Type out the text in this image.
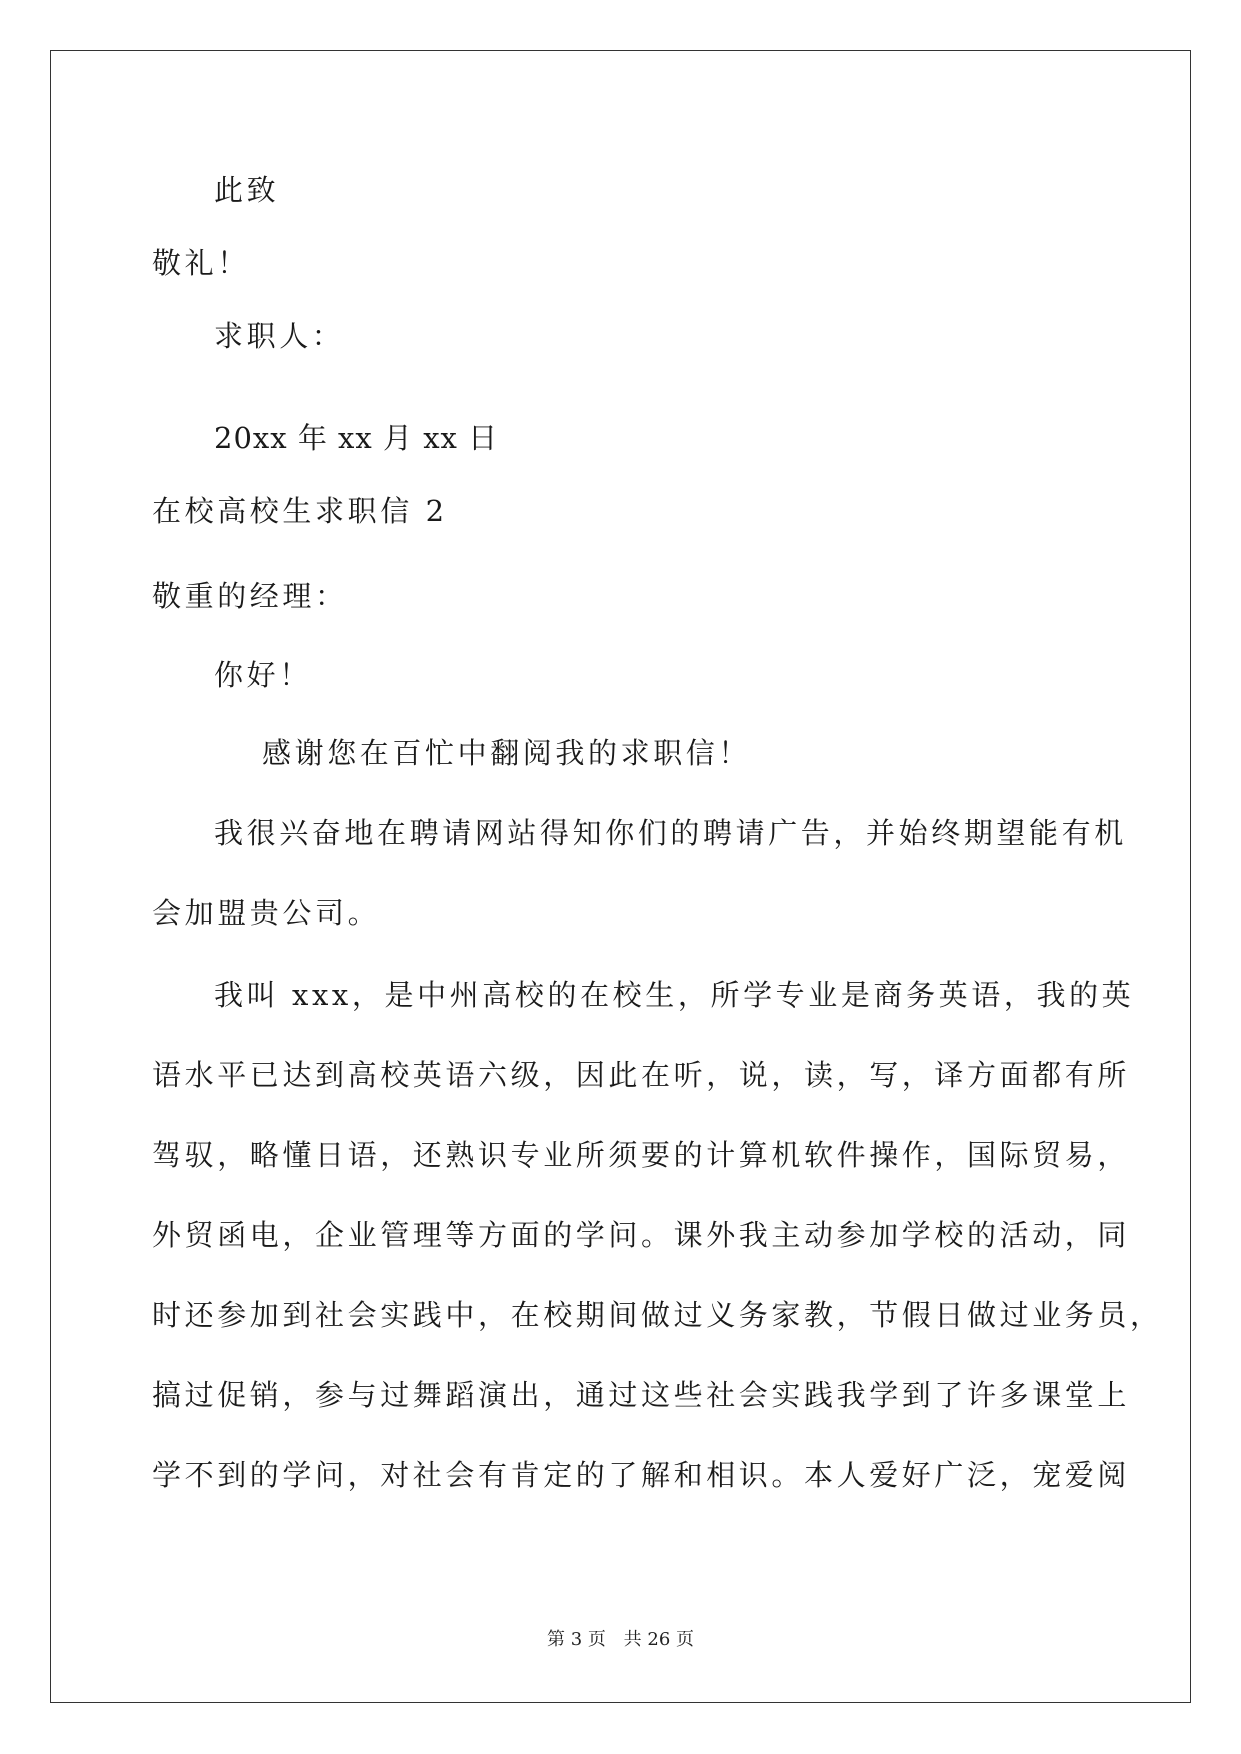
此致
敬礼！
求职人：
20xx 年 xx 月 xx 日
在校高校生求职信 2
敬重的经理：
你好！
感谢您在百忙中翻阅我的求职信！
我很兴奋地在聘请网站得知你们的聘请广告，并始终期望能有机
会加盟贵公司。
我叫 xxx，是中州高校的在校生，所学专业是商务英语，我的英
语水平已达到高校英语六级，因此在听，说，读，写，译方面都有所
驾驭，略懂日语，还熟识专业所须要的计算机软件操作，国际贸易，
外贸函电，企业管理等方面的学问。课外我主动参加学校的活动，同
时还参加到社会实践中，在校期间做过义务家教，节假日做过业务员，
搞过促销，参与过舞蹈演出，通过这些社会实践我学到了许多课堂上
学不到的学问，对社会有肯定的了解和相识。本人爱好广泛，宠爱阅
第 3 页 共 26 页
